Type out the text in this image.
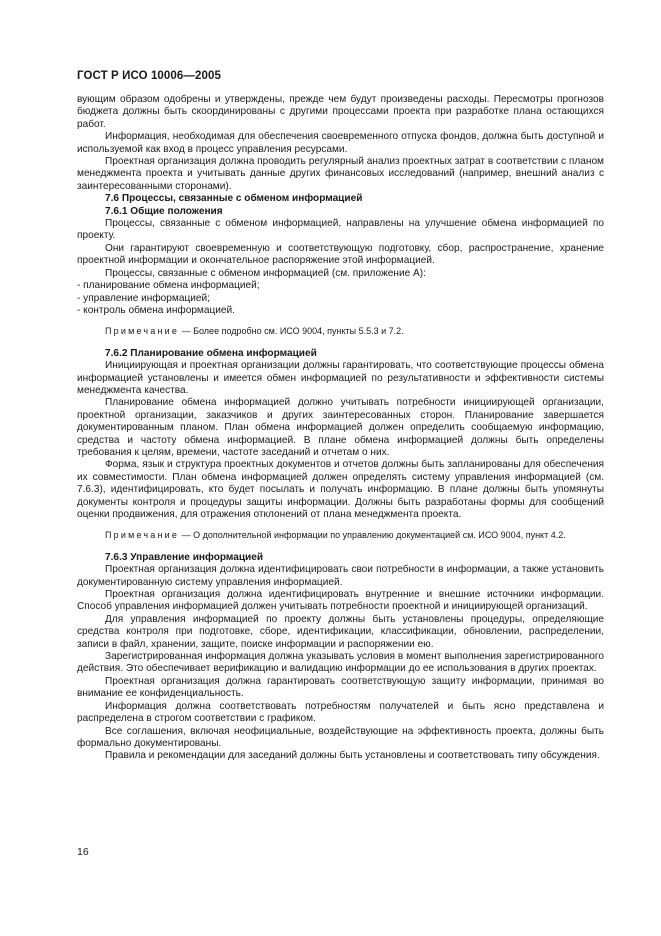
ГОСТ Р ИСО 10006—2005

вующим образом одобрены и утверждены, прежде чем будут произведены расходы. Пересмотры прогнозов бюджета должны быть скоординированы с другими процессами проекта при разработке плана остающихся работ.

Информация, необходимая для обеспечения своевременного отпуска фондов, должна быть доступной и используемой как вход в процесс управления ресурсами.

Проектная организация должна проводить регулярный анализ проектных затрат в соответствии с планом менеджмента проекта и учитывать данные других финансовых исследований (например, внешний анализ с заинтересованными сторонами).

7.6 Процессы, связанные с обменом информацией

7.6.1 Общие положения

Процессы, связанные с обменом информацией, направлены на улучшение обмена информацией по проекту.

Они гарантируют своевременную и соответствующую подготовку, сбор, распространение, хранение проектной информации и окончательное распоряжение этой информацией.

Процессы, связанные с обменом информацией (см. приложение А):

- планирование обмена информацией;

- управление информацией;

- контроль обмена информацией.

Примечание — Более подробно см. ИСО 9004, пункты 5.5.3 и 7.2.

7.6.2 Планирование обмена информацией

Инициирующая и проектная организации должны гарантировать, что соответствующие процессы обмена информацией установлены и имеется обмен информацией по результативности и эффективности системы менеджмента качества.

Планирование обмена информацией должно учитывать потребности инициирующей организации, проектной организации, заказчиков и других заинтересованных сторон. Планирование завершается документированным планом. План обмена информацией должен определить сообщаемую информацию, средства и частоту обмена информацией. В плане обмена информацией должны быть определены требования к целям, времени, частоте заседаний и отчетам о них.

Форма, язык и структура проектных документов и отчетов должны быть запланированы для обеспечения их совместимости. План обмена информацией должен определять систему управления информацией (см. 7.6.3), идентифицировать, кто будет посылать и получать информацию. В плане должны быть упомянуты документы контроля и процедуры защиты информации. Должны быть разработаны формы для сообщений оценки продвижения, для отражения отклонений от плана менеджмента проекта.

Примечание — О дополнительной информации по управлению документацией см. ИСО 9004, пункт 4.2.

7.6.3 Управление информацией

Проектная организация должна идентифицировать свои потребности в информации, а также установить документированную систему управления информацией.

Проектная организация должна идентифицировать внутренние и внешние источники информации. Способ управления информацией должен учитывать потребности проектной и инициирующей организаций.

Для управления информацией по проекту должны быть установлены процедуры, определяющие средства контроля при подготовке, сборе, идентификации, классификации, обновлении, распределении, записи в файл, хранении, защите, поиске информации и распоряжении ею.

Зарегистрированная информация должна указывать условия в момент выполнения зарегистрированного действия. Это обеспечивает верификацию и валидацию информации до ее использования в других проектах.

Проектная организация должна гарантировать соответствующую защиту информации, принимая во внимание ее конфиденциальность.

Информация должна соответствовать потребностям получателей и быть ясно представлена и распределена в строгом соответствии с графиком.

Все соглашения, включая неофициальные, воздействующие на эффективность проекта, должны быть формально документированы.

Правила и рекомендации для заседаний должны быть установлены и соответствовать типу обсуждения.

16
